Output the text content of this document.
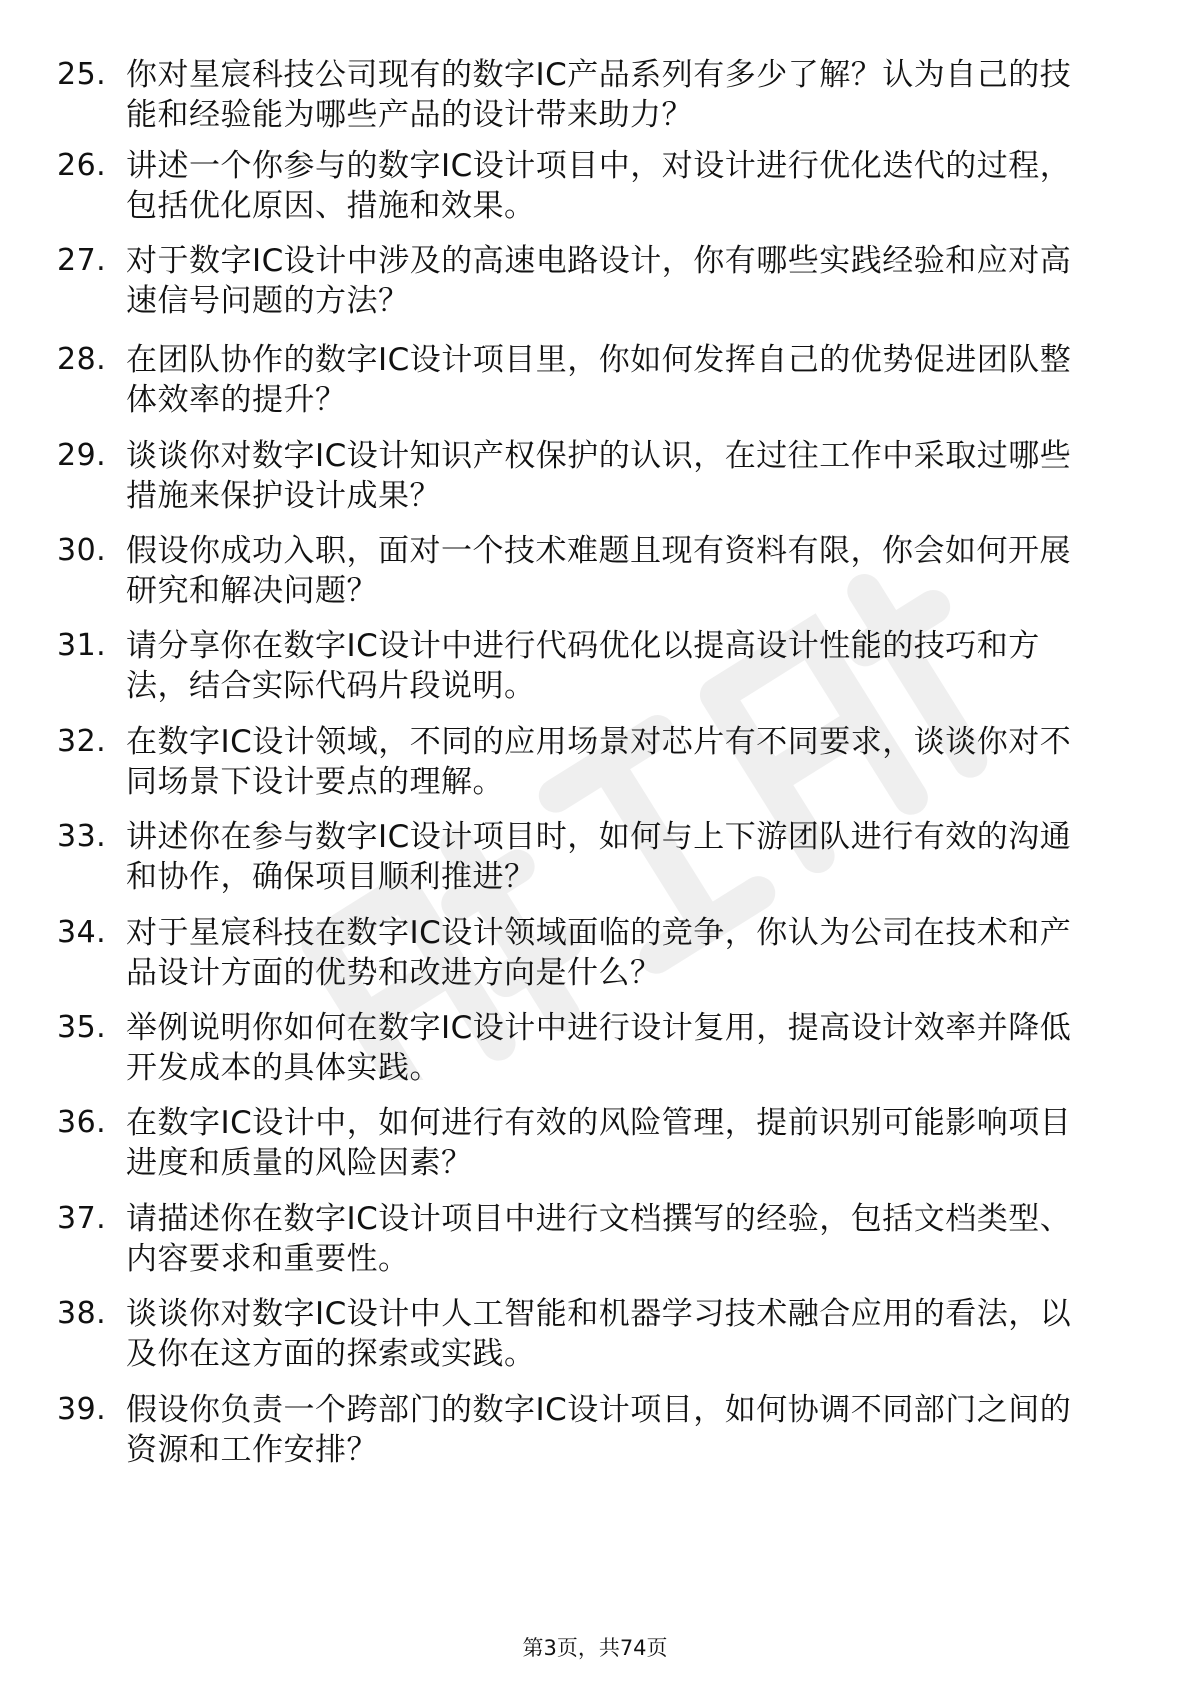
25. 你对星宸科技公司现有的数字IC产品系列有多少了解？认为自己的技能和经验能为哪些产品的设计带来助力？
26. 讲述一个你参与的数字IC设计项目中，对设计进行优化迭代的过程，包括优化原因、措施和效果。
27. 对于数字IC设计中涉及的高速电路设计，你有哪些实践经验和应对高速信号问题的方法？
28. 在团队协作的数字IC设计项目里，你如何发挥自己的优势促进团队整体效率的提升？
29. 谈谈你对数字IC设计知识产权保护的认识，在过往工作中采取过哪些措施来保护设计成果？
30. 假设你成功入职，面对一个技术难题且现有资料有限，你会如何开展研究和解决问题？
31. 请分享你在数字IC设计中进行代码优化以提高设计性能的技巧和方法，结合实际代码片段说明。
32. 在数字IC设计领域，不同的应用场景对芯片有不同要求，谈谈你对不同场景下设计要点的理解。
33. 讲述你在参与数字IC设计项目时，如何与上下游团队进行有效的沟通和协作，确保项目顺利推进？
34. 对于星宸科技在数字IC设计领域面临的竞争，你认为公司在技术和产品设计方面的优势和改进方向是什么？
35. 举例说明你如何在数字IC设计中进行设计复用，提高设计效率并降低开发成本的具体实践。
36. 在数字IC设计中，如何进行有效的风险管理，提前识别可能影响项目进度和质量的风险因素？
37. 请描述你在数字IC设计项目中进行文档撰写的经验，包括文档类型、内容要求和重要性。
38. 谈谈你对数字IC设计中人工智能和机器学习技术融合应用的看法，以及你在这方面的探索或实践。
39. 假设你负责一个跨部门的数字IC设计项目，如何协调不同部门之间的资源和工作安排？
第3页，共74页
